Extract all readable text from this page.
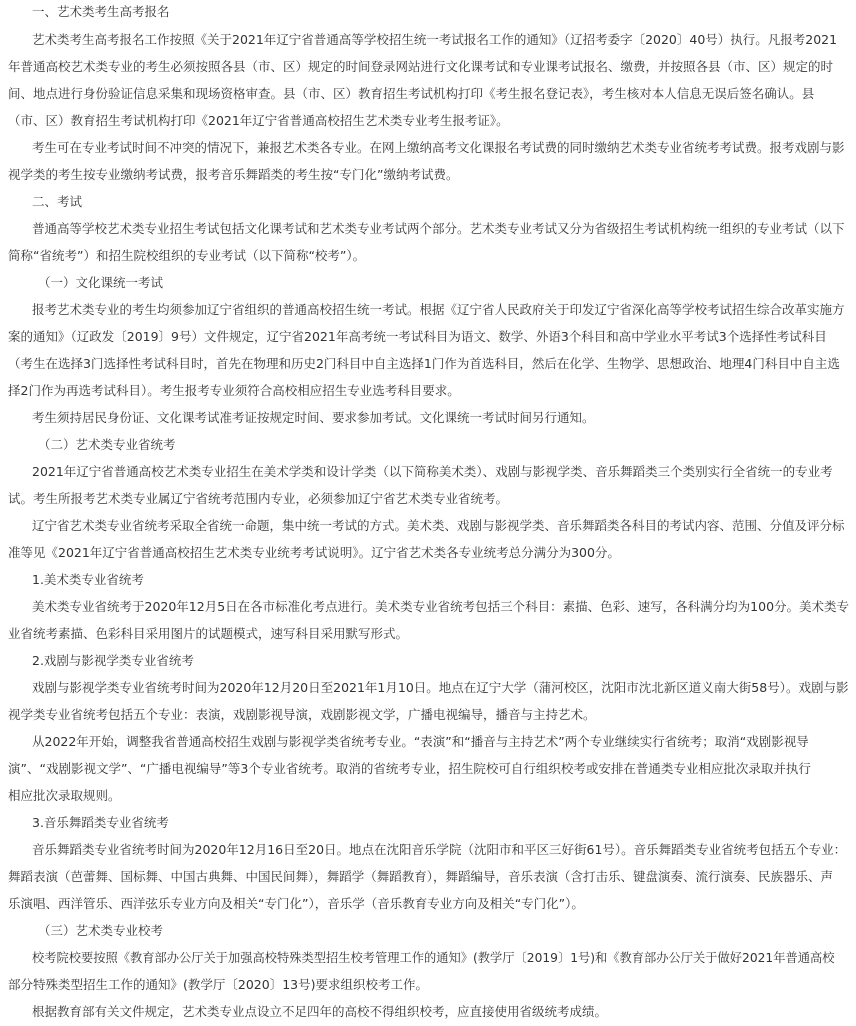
一、艺术类考生高考报名
艺术类考生高考报名工作按照《关于2021年辽宁省普通高等学校招生统一考试报名工作的通知》（辽招考委字〔2020〕40号）执行。凡报考2021
年普通高校艺术类专业的考生必须按照各县（市、区）规定的时间登录网站进行文化课考试和专业课考试报名、缴费，并按照各县（市、区）规定的时
间、地点进行身份验证信息采集和现场资格审查。县（市、区）教育招生考试机构打印《考生报名登记表》，考生核对本人信息无误后签名确认。县
（市、区）教育招生考试机构打印《2021年辽宁省普通高校招生艺术类专业考生报考证》。
考生可在专业考试时间不冲突的情况下，兼报艺术类各专业。在网上缴纳高考文化课报名考试费的同时缴纳艺术类专业省统考考试费。报考戏剧与影
视学类的考生按专业缴纳考试费，报考音乐舞蹈类的考生按“专门化”缴纳考试费。
二、考试
普通高等学校艺术类专业招生考试包括文化课考试和艺术类专业考试两个部分。艺术类专业考试又分为省级招生考试机构统一组织的专业考试（以下
简称“省统考”）和招生院校组织的专业考试（以下简称“校考”）。
（一）文化课统一考试
报考艺术类专业的考生均须参加辽宁省组织的普通高校招生统一考试。根据《辽宁省人民政府关于印发辽宁省深化高等学校考试招生综合改革实施方
案的通知》（辽政发〔2019〕9号）文件规定，辽宁省2021年高考统一考试科目为语文、数学、外语3个科目和高中学业水平考试3个选择性考试科目
（考生在选择3门选择性考试科目时，首先在物理和历史2门科目中自主选择1门作为首选科目，然后在化学、生物学、思想政治、地理4门科目中自主选
择2门作为再选考试科目）。考生报考专业须符合高校相应招生专业选考科目要求。
考生须持居民身份证、文化课考试准考证按规定时间、要求参加考试。文化课统一考试时间另行通知。
（二）艺术类专业省统考
2021年辽宁省普通高校艺术类专业招生在美术学类和设计学类（以下简称美术类）、戏剧与影视学类、音乐舞蹈类三个类别实行全省统一的专业考
试。考生所报考艺术类专业属辽宁省统考范围内专业，必须参加辽宁省艺术类专业省统考。
辽宁省艺术类专业省统考采取全省统一命题，集中统一考试的方式。美术类、戏剧与影视学类、音乐舞蹈类各科目的考试内容、范围、分值及评分标
准等见《2021年辽宁省普通高校招生艺术类专业统考考试说明》。辽宁省艺术类各专业统考总分满分为300分。
1.美术类专业省统考
美术类专业省统考于2020年12月5日在各市标准化考点进行。美术类专业省统考包括三个科目：素描、色彩、速写，各科满分均为100分。美术类专
业省统考素描、色彩科目采用图片的试题模式，速写科目采用默写形式。
2.戏剧与影视学类专业省统考
戏剧与影视学类专业省统考时间为2020年12月20日至2021年1月10日。地点在辽宁大学（蒲河校区，沈阳市沈北新区道义南大街58号）。戏剧与影
视学类专业省统考包括五个专业：表演，戏剧影视导演，戏剧影视文学，广播电视编导，播音与主持艺术。
从2022年开始，调整我省普通高校招生戏剧与影视学类省统考专业。“表演”和“播音与主持艺术”两个专业继续实行省统考；取消“戏剧影视导
演”、“戏剧影视文学”、“广播电视编导”等3个专业省统考。取消的省统考专业，招生院校可自行组织校考或安排在普通类专业相应批次录取并执行
相应批次录取规则。
3.音乐舞蹈类专业省统考
音乐舞蹈类专业省统考时间为2020年12月16日至20日。地点在沈阳音乐学院（沈阳市和平区三好街61号）。音乐舞蹈类专业省统考包括五个专业：
舞蹈表演（芭蕾舞、国标舞、中国古典舞、中国民间舞），舞蹈学（舞蹈教育），舞蹈编导，音乐表演（含打击乐、键盘演奏、流行演奏、民族器乐、声
乐演唱、西洋管乐、西洋弦乐专业方向及相关“专门化”），音乐学（音乐教育专业方向及相关“专门化”）。
（三）艺术类专业校考
校考院校要按照《教育部办公厅关于加强高校特殊类型招生校考管理工作的通知》(教学厅〔2019〕1号)和《教育部办公厅关于做好2021年普通高校
部分特殊类型招生工作的通知》(教学厅〔2020〕13号)要求组织校考工作。
根据教育部有关文件规定，艺术类专业点设立不足四年的高校不得组织校考，应直接使用省级统考成绩。
